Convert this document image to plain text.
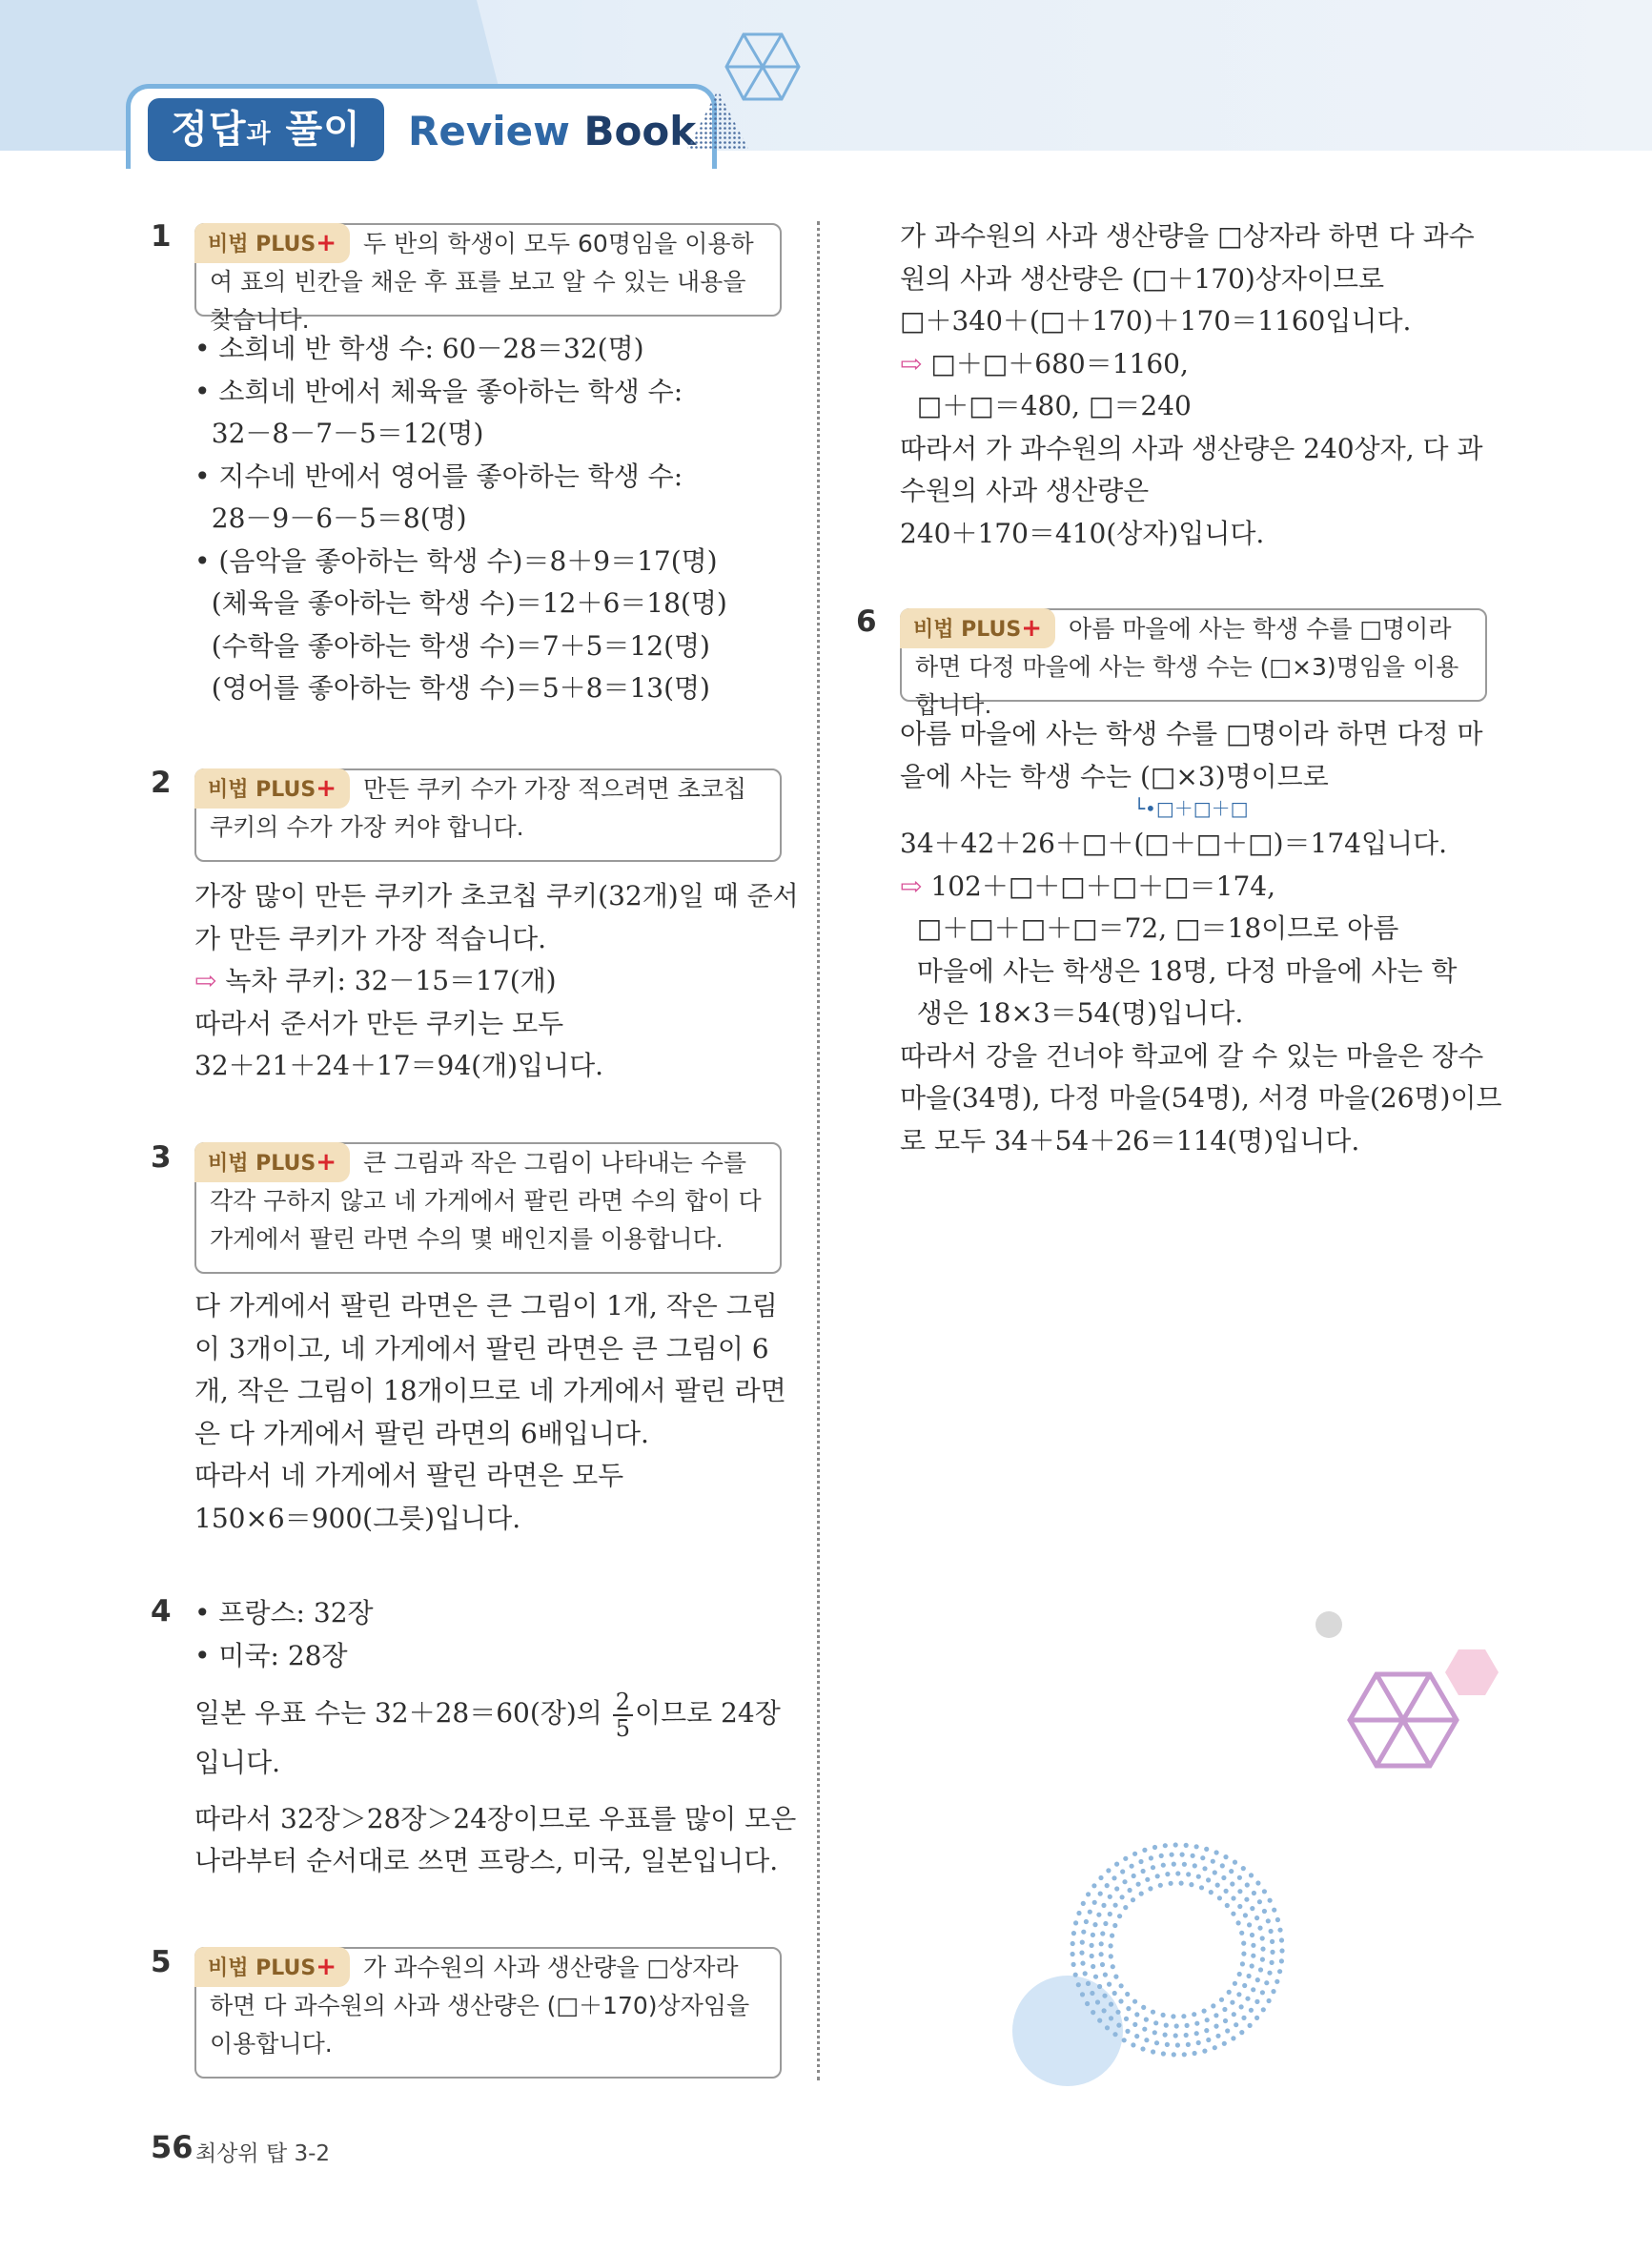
정답과 풀이	Review Book
1	비법 PLUS+	두 반의 학생이 모두 60명임을 이용하여 표의 빈칸을 채운 후 표를 보고 알 수 있는 내용을 찾습니다.
• 소희네 반 학생 수: 60－28＝32(명)
• 소희네 반에서 체육을 좋아하는 학생 수:
32－8－7－5＝12(명)
• 지수네 반에서 영어를 좋아하는 학생 수:
28－9－6－5＝8(명)
• (음악을 좋아하는 학생 수)＝8＋9＝17(명)
(체육을 좋아하는 학생 수)＝12＋6＝18(명)
(수학을 좋아하는 학생 수)＝7＋5＝12(명)
(영어를 좋아하는 학생 수)＝5＋8＝13(명)
2	비법 PLUS+	만든 쿠키 수가 가장 적으려면 초코칩 쿠키의 수가 가장 커야 합니다.
가장 많이 만든 쿠키가 초코칩 쿠키(32개)일 때 준서
가 만든 쿠키가 가장 적습니다.
⇨ 녹차 쿠키: 32－15＝17(개)
따라서 준서가 만든 쿠키는 모두
32＋21＋24＋17＝94(개)입니다.
3	비법 PLUS+	큰 그림과 작은 그림이 나타내는 수를 각각 구하지 않고 네 가게에서 팔린 라면 수의 합이 다 가게에서 팔린 라면 수의 몇 배인지를 이용합니다.
다 가게에서 팔린 라면은 큰 그림이 1개, 작은 그림
이 3개이고, 네 가게에서 팔린 라면은 큰 그림이 6
개, 작은 그림이 18개이므로 네 가게에서 팔린 라면
은 다 가게에서 팔린 라면의 6배입니다.
따라서 네 가게에서 팔린 라면은 모두
150×6＝900(그릇)입니다.
4 • 프랑스: 32장
• 미국: 28장
일본 우표 수는 32＋28＝60(장)의 $\frac{2}{5}$ 이므로 24장
입니다.
따라서 32장＞28장＞24장이므로 우표를 많이 모은
나라부터 순서대로 쓰면 프랑스, 미국, 일본입니다.
5	비법 PLUS+	가 과수원의 사과 생산량을 □상자라 하면 다 과수원의 사과 생산량은 (□＋170)상자임을 이용합니다.
가 과수원의 사과 생산량을 □상자라 하면 다 과수
원의 사과 생산량은 (□＋170)상자이므로
□＋340＋(□＋170)＋170＝1160입니다.
⇨ □＋□＋680＝1160,
□＋□＝480, □＝240
따라서 가 과수원의 사과 생산량은 240상자, 다 과
수원의 사과 생산량은
240＋170＝410(상자)입니다.
6	비법 PLUS+	아름 마을에 사는 학생 수를 □명이라 하면 다정 마을에 사는 학생 수는 (□×3)명임을 이용합니다.
아름 마을에 사는 학생 수를 □명이라 하면 다정 마
을에 사는 학생 수는 (□×3)명이므로
└•□＋□＋□
34＋42＋26＋□＋(□＋□＋□)＝174입니다.
⇨ 102＋□＋□＋□＋□＝174,
□＋□＋□＋□＝72, □＝18이므로 아름
마을에 사는 학생은 18명, 다정 마을에 사는 학
생은 18×3＝54(명)입니다.
따라서 강을 건너야 학교에 갈 수 있는 마을은 장수
마을(34명), 다정 마을(54명), 서경 마을(26명)이므
로 모두 34＋54＋26＝114(명)입니다.
56 최상위 탑 3-2
